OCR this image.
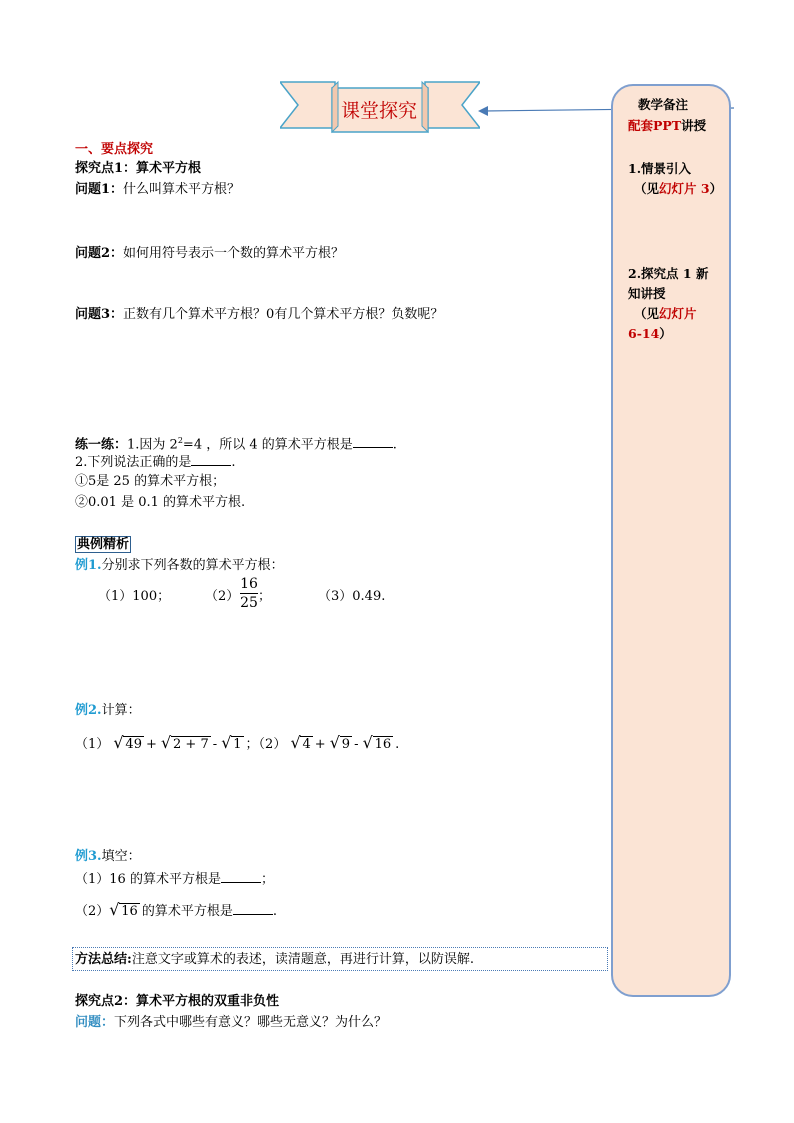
课堂探究	教学备注
配套PPT讲授
1.情景引入
（见幻灯片 3）
2.探究点 1 新
知讲授
（见幻灯片
6-14）
一、要点探究
探究点1：算术平方根
问题1：什么叫算术平方根？
问题2：如何用符号表示一个数的算术平方根？
问题3：正数有几个算术平方根？0有几个算术平方根？负数呢？
练一练：1.因为 $2^2=4$ ，所以 4 的算术平方根是	.
2.下列说法正确的是	.
①5是 25 的算术平方根；
②0.01 是 0.1 的算术平方根.
典例精析
例1.分别求下列各数的算术平方根：
（1）100；	（2）
16
25 ；	（3）0.49.
例2.计算：
（1） √ 49 + √ 2 + 7 - √ 1 ；（2） √ 4 + √ 9 - √ 16 .
例3.填空：
（1）16 的算术平方根是	；
（2） √ 16 的算术平方根是	.
方法总结:注意文字或算术的表述，读清题意，再进行计算，以防误解.
探究点2：算术平方根的双重非负性
问题：下列各式中哪些有意义？哪些无意义？为什么？
